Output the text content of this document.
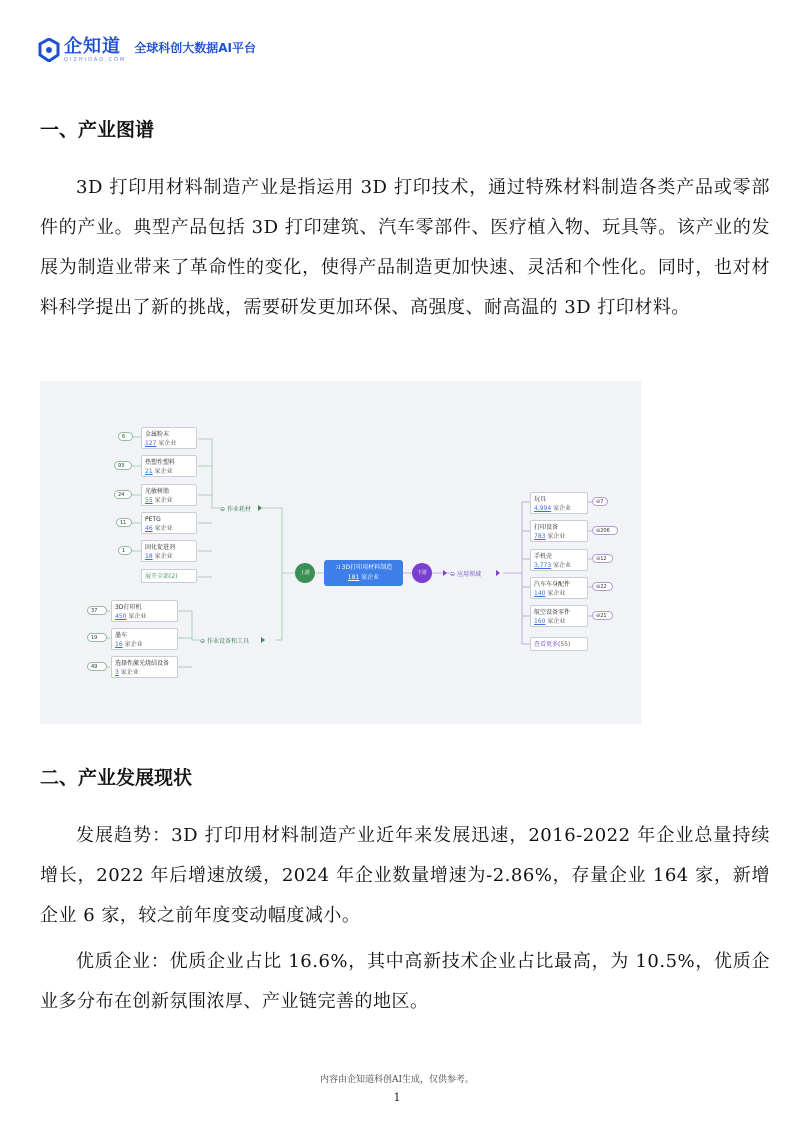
企知道
QIZHIDAO.COM
全球科创大数据AI平台
一、产业图谱

3D 打印用材料制造产业是指运用 3D 打印技术，通过特殊材料制造各类产品或零部件的产业。典型产品包括 3D 打印建筑、汽车零部件、医疗植入物、玩具等。该产业的发展为制造业带来了革命性的变化，使得产品制造更加快速、灵活和个性化。同时，也对材料科学提出了新的挑战，需要研发更加环保、高强度、耐高温的 3D 打印材料。

6
93
24
11
1
金属粉末
127 家企业
热塑性塑料
21 家企业
光敏树脂
55 家企业
PETG
46 家企业
固化促进剂
18 家企业
展开全部(2)
⊖ 作业耗材
37
19
49
3D打印机
450 家企业
墨车
16 家企业
选择性激光烧结设备
3 家企业
⊖ 作业设备和工具
上游
⤨ 3D打印用材料制造
181 家企业
下游	⊖ 应用领域
玩具
4,994 家企业
打印设备
783 家企业
手机壳
3,773 家企业
汽车车身配件
140 家企业
航空设备零件
160 家企业
查看更多(55)
⊖7
⊖206
⊖12
⊖22
⊖21
二、产业发展现状

发展趋势：3D 打印用材料制造产业近年来发展迅速，2016-2022 年企业总量持续增长，2022 年后增速放缓，2024 年企业数量增速为-2.86%，存量企业 164 家，新增企业 6 家，较之前年度变动幅度减小。

优质企业：优质企业占比 16.6%，其中高新技术企业占比最高，为 10.5%，优质企业多分布在创新氛围浓厚、产业链完善的地区。

内容由企知道科创AI生成，仅供参考。
1
